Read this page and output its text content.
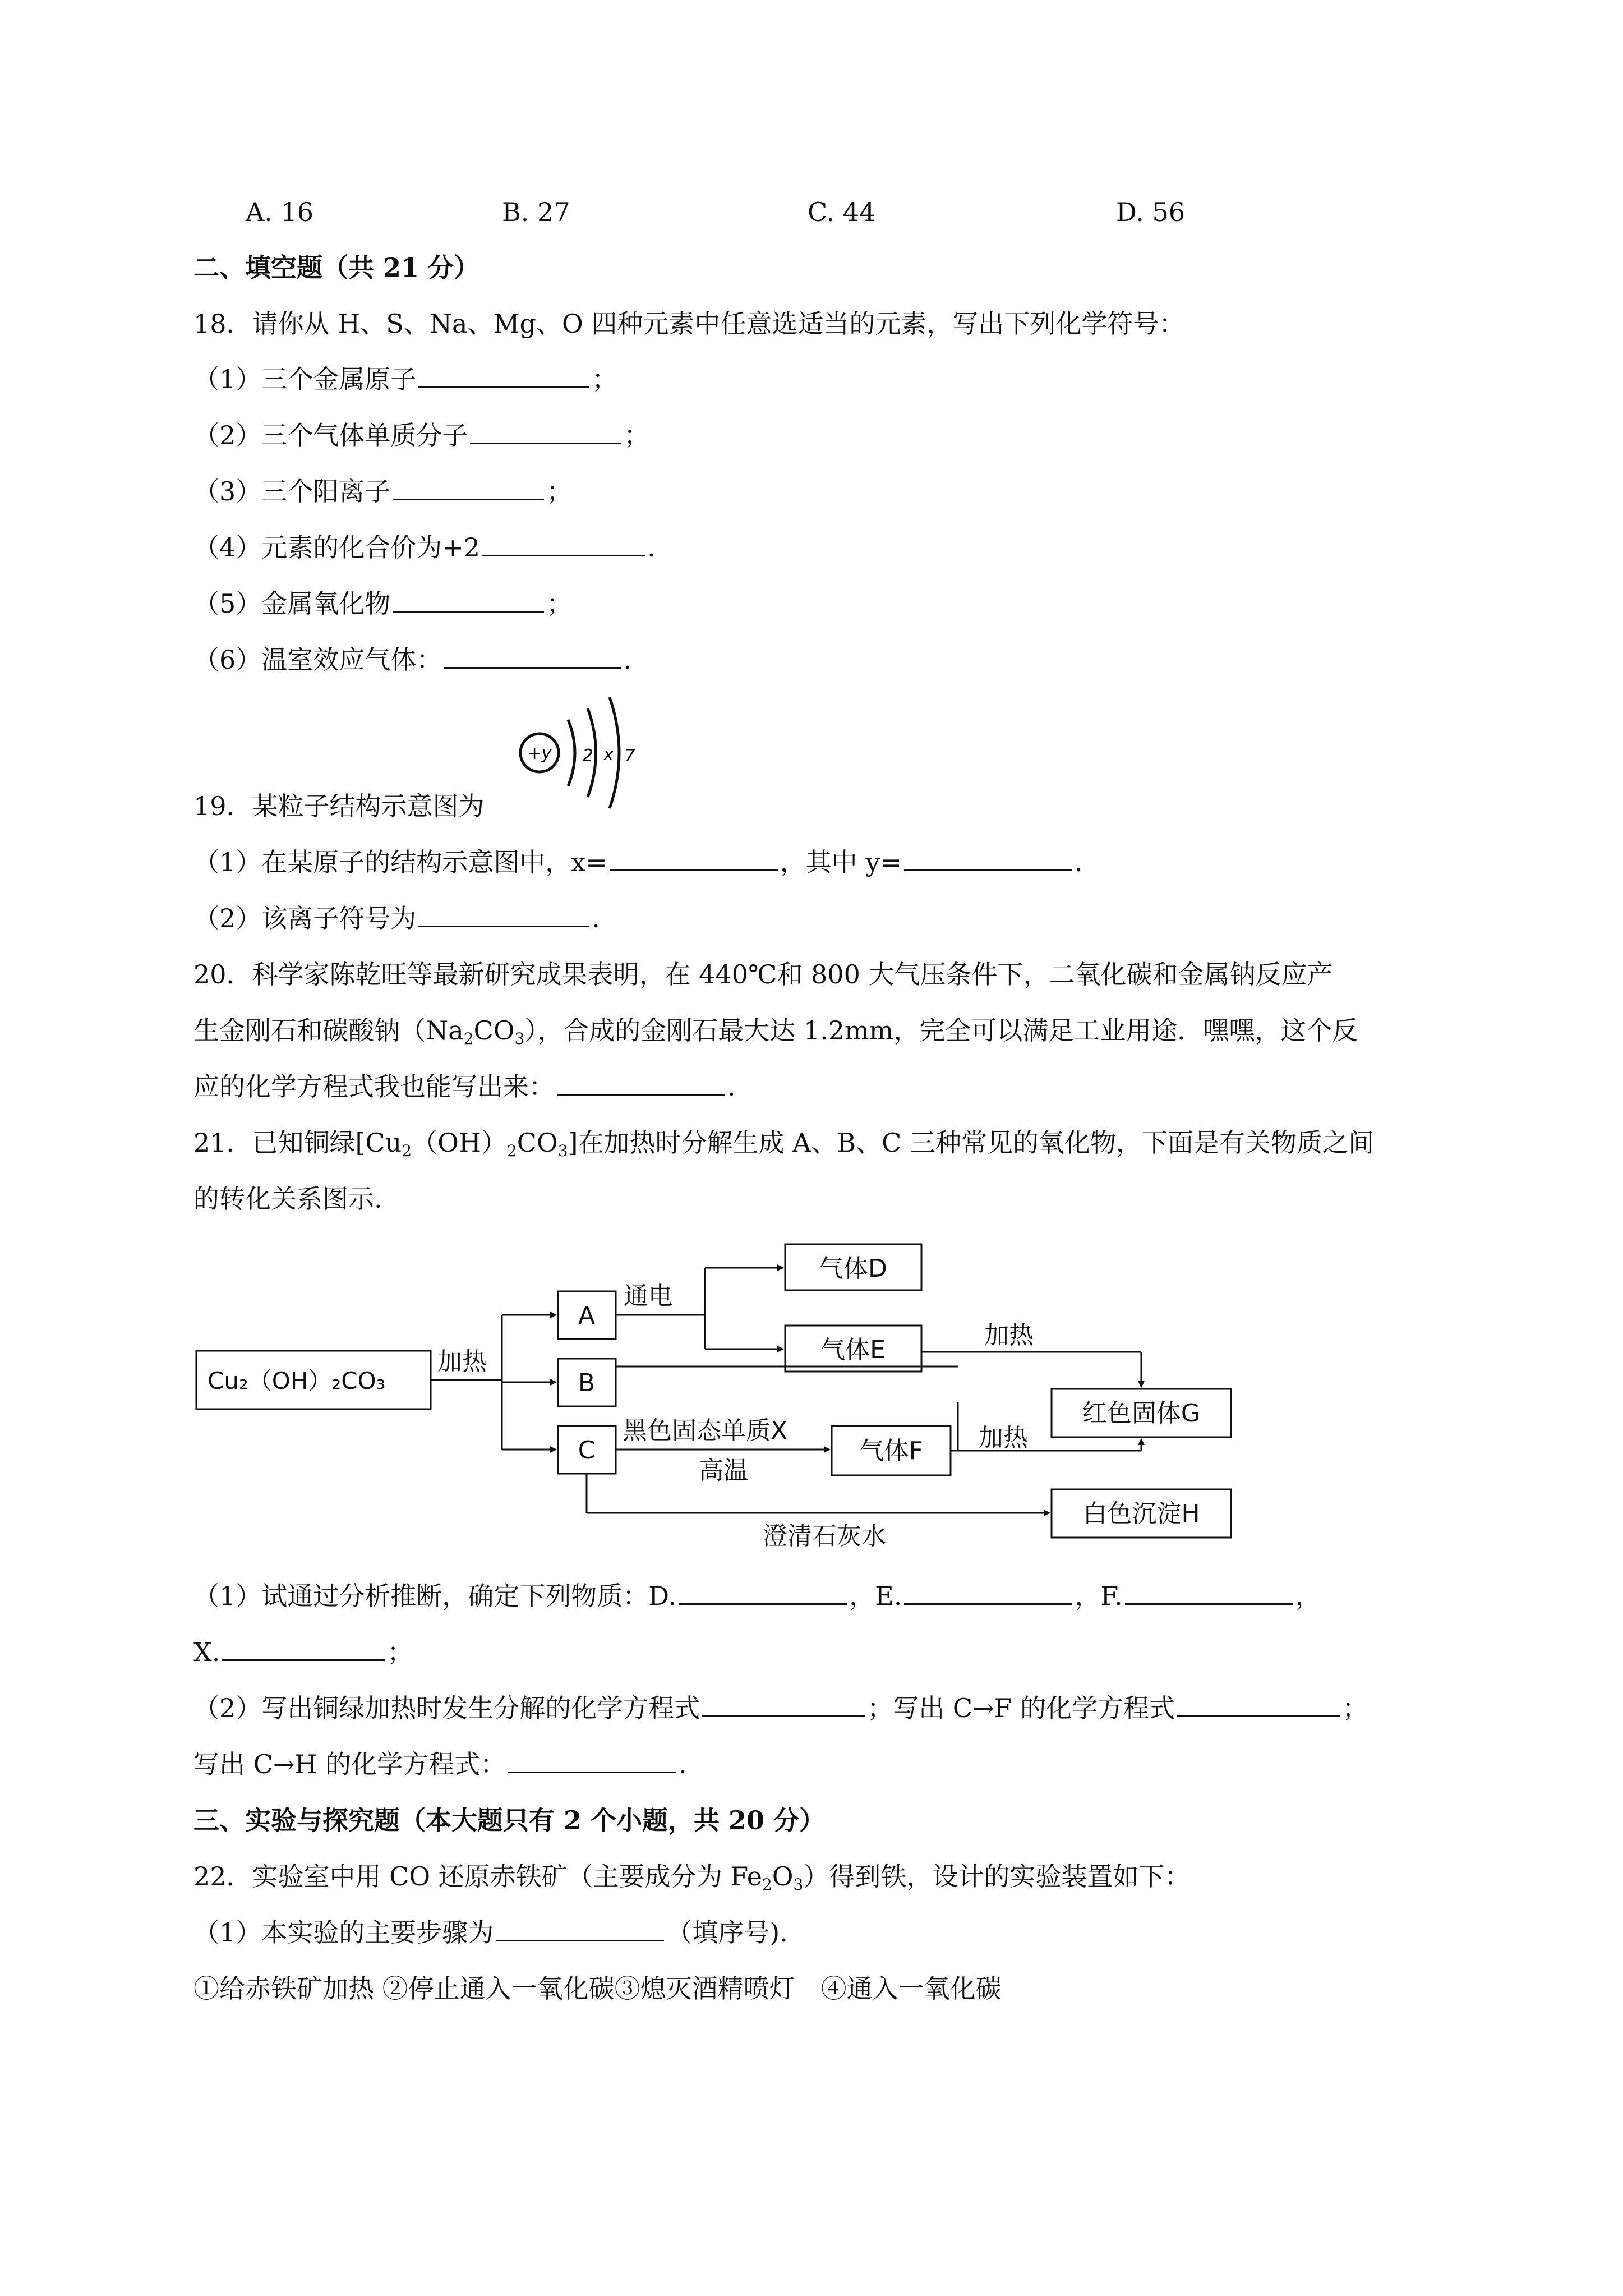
A. 16	B. 27	C. 44	D. 56
二、填空题（共 21 分）
18．请你从 H、S、Na、Mg、O 四种元素中任意选适当的元素，写出下列化学符号：
（1）三个金属原子	；
（2）三个气体单质分子	；
（3）三个阳离子	；
（4）元素的化合价为+2	.
（5）金属氧化物	；
（6）温室效应气体：	.
+y 2 x 7
19．某粒子结构示意图为
（1）在某原子的结构示意图中，x=	，其中 y=	.
（2）该离子符号为	.
20．科学家陈乾旺等最新研究成果表明，在 440℃和 800 大气压条件下，二氧化碳和金属钠反应产
生金刚石和碳酸钠$(Na_2CO_3)$，合成的金刚石最大达 1.2mm，完全可以满足工业用途．嘿嘿，这个反
应的化学方程式我也能写出来：	.
21．已知铜绿$[Cu_2(OH)_2CO_3]$在加热时分解生成 A、B、C 三种常见的氧化物，下面是有关物质之间
的转化关系图示.
Cu₂（OH）₂CO₃
加热
A
B
C
通电
气体D
气体E
加热
红色固体G
黑色固态单质X
高温
气体F 加热
澄清石灰水
白色沉淀H
（1）试通过分析推断，确定下列物质：D.	，E.	，F.	，
X.	；
（2）写出铜绿加热时发生分解的化学方程式	；写出 C→F 的化学方程式	；
写出 C→H 的化学方程式：	.
三、实验与探究题（本大题只有 2 个小题，共 20 分）
22．实验室中用 CO 还原赤铁矿（主要成分为 $Fe_2O_3$）得到铁，设计的实验装置如下：
（1）本实验的主要步骤为	（填序号).
①给赤铁矿加热 ②停止通入一氧化碳③熄灭酒精喷灯　④通入一氧化碳
